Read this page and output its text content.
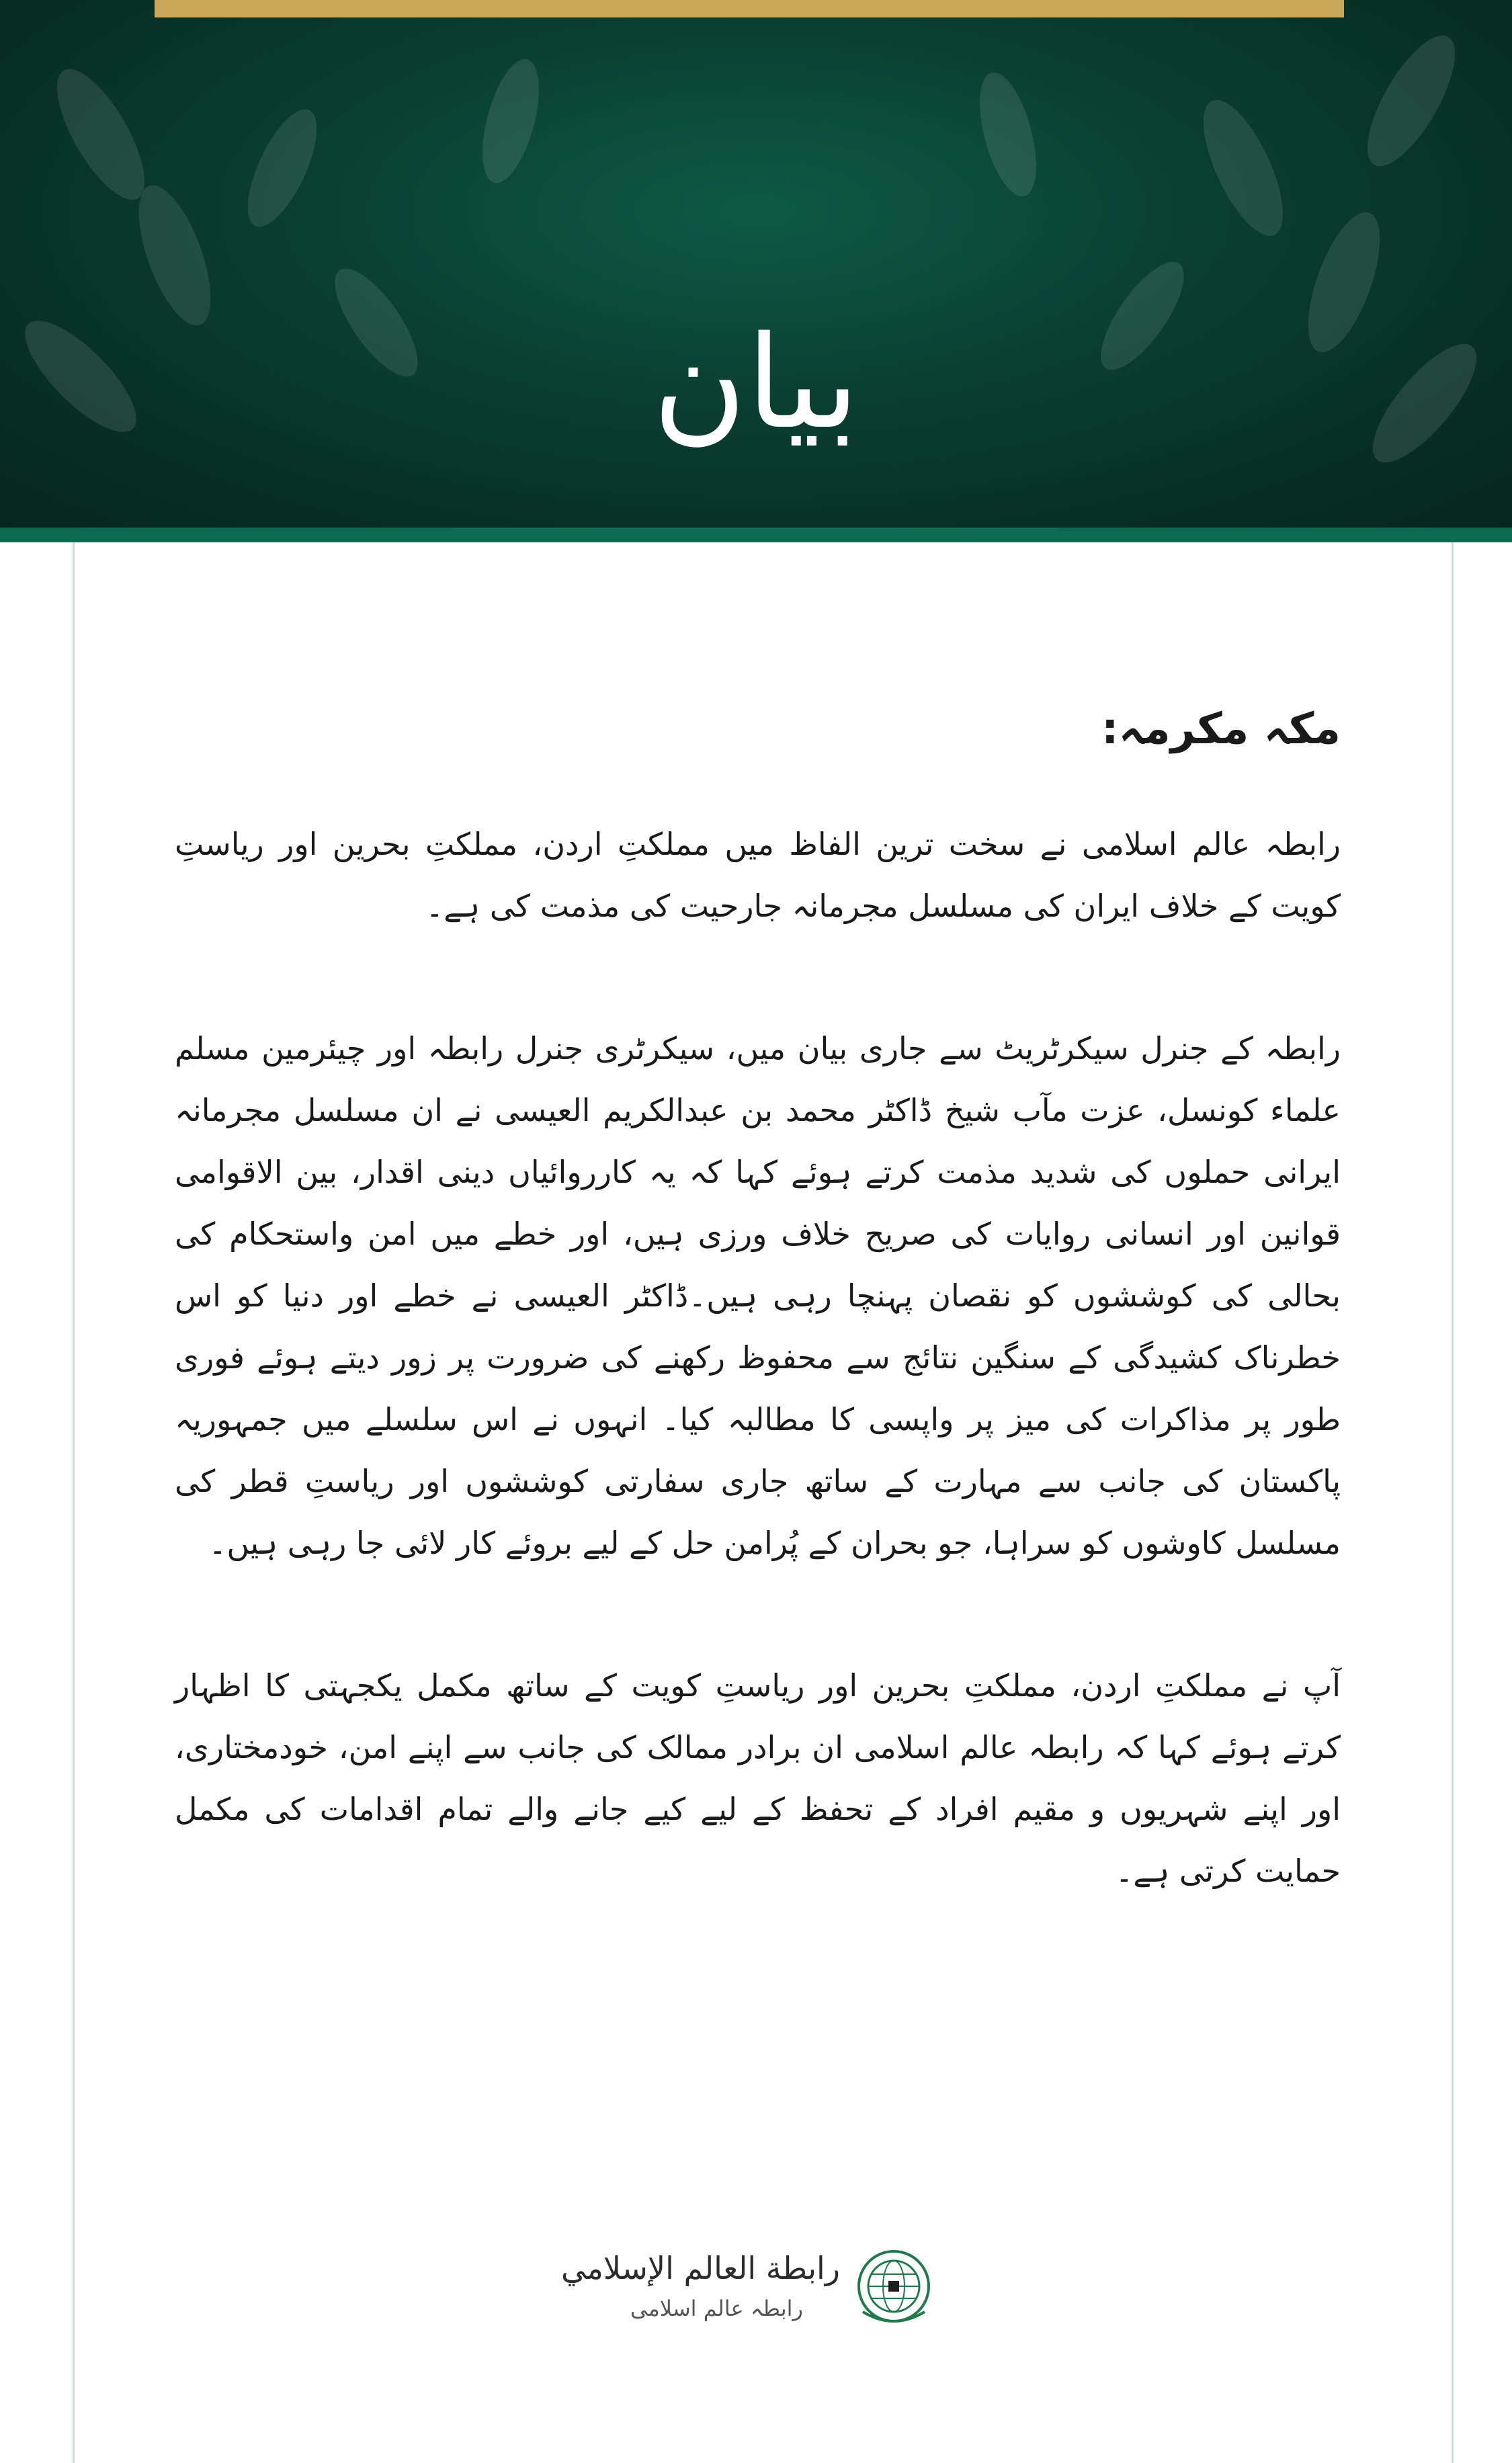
بیان
مکہ مکرمہ:

رابطہ عالم اسلامی نے سخت ترین الفاظ میں مملکتِ اردن، مملکتِ بحرین اور ریاستِ کویت کے خلاف ایران کی مسلسل مجرمانہ جارحیت کی مذمت کی ہے۔

رابطہ کے جنرل سیکرٹریٹ سے جاری بیان میں، سیکرٹری جنرل رابطہ اور چیئرمین مسلم علماء کونسل، عزت مآب شیخ ڈاکٹر محمد بن عبدالکریم العیسی نے ان مسلسل مجرمانہ ایرانی حملوں کی شدید مذمت کرتے ہوئے کہا کہ یہ کارروائیاں دینی اقدار، بین الاقوامی قوانین اور انسانی روایات کی صریح خلاف ورزی ہیں، اور خطے میں امن واستحکام کی بحالی کی کوششوں کو نقصان پہنچا رہی ہیں۔ڈاکٹر العیسی نے خطے اور دنیا کو اس خطرناک کشیدگی کے سنگین نتائج سے محفوظ رکھنے کی ضرورت پر زور دیتے ہوئے فوری طور پر مذاکرات کی میز پر واپسی کا مطالبہ کیا۔ انہوں نے اس سلسلے میں جمہوریہ پاکستان کی جانب سے مہارت کے ساتھ جاری سفارتی کوششوں اور ریاستِ قطر کی مسلسل کاوشوں کو سراہا، جو بحران کے پُرامن حل کے لیے بروئے کار لائی جا رہی ہیں۔

آپ نے مملکتِ اردن، مملکتِ بحرین اور ریاستِ کویت کے ساتھ مکمل یکجہتی کا اظہار کرتے ہوئے کہا کہ رابطہ عالم اسلامی ان برادر ممالک کی جانب سے اپنے امن، خودمختاری، اور اپنے شہریوں و مقیم افراد کے تحفظ کے لیے کیے جانے والے تمام اقدامات کی مکمل حمایت کرتی ہے۔

رابطة العالم الإسلامي
رابطہ عالم اسلامی
